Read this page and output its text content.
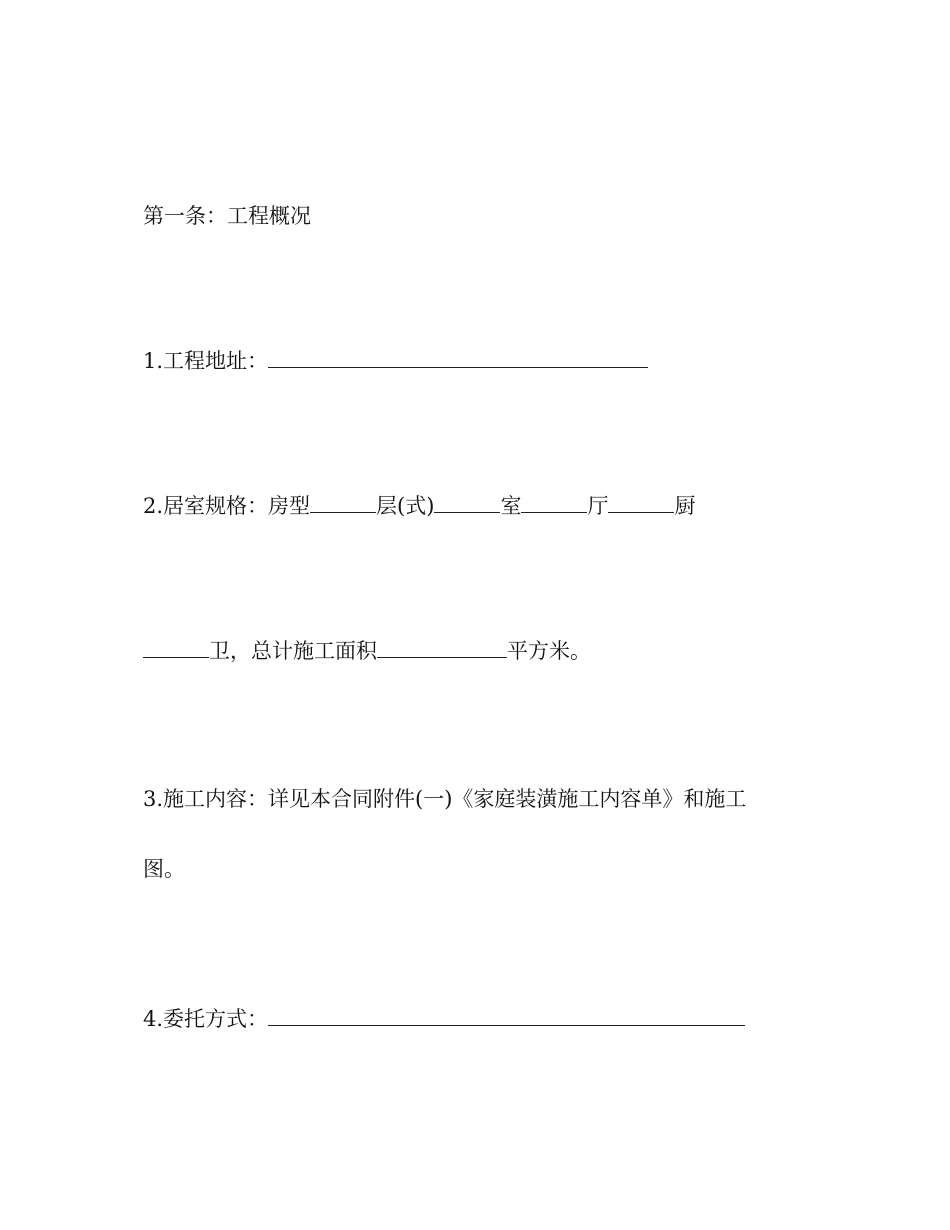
第一条：工程概况
1.工程地址：
2.居室规格：房型	层(式)	室	厅	厨
卫，总计施工面积	平方米。
3.施工内容：详见本合同附件(一)《家庭装潢施工内容单》和施工
图。
4.委托方式：
